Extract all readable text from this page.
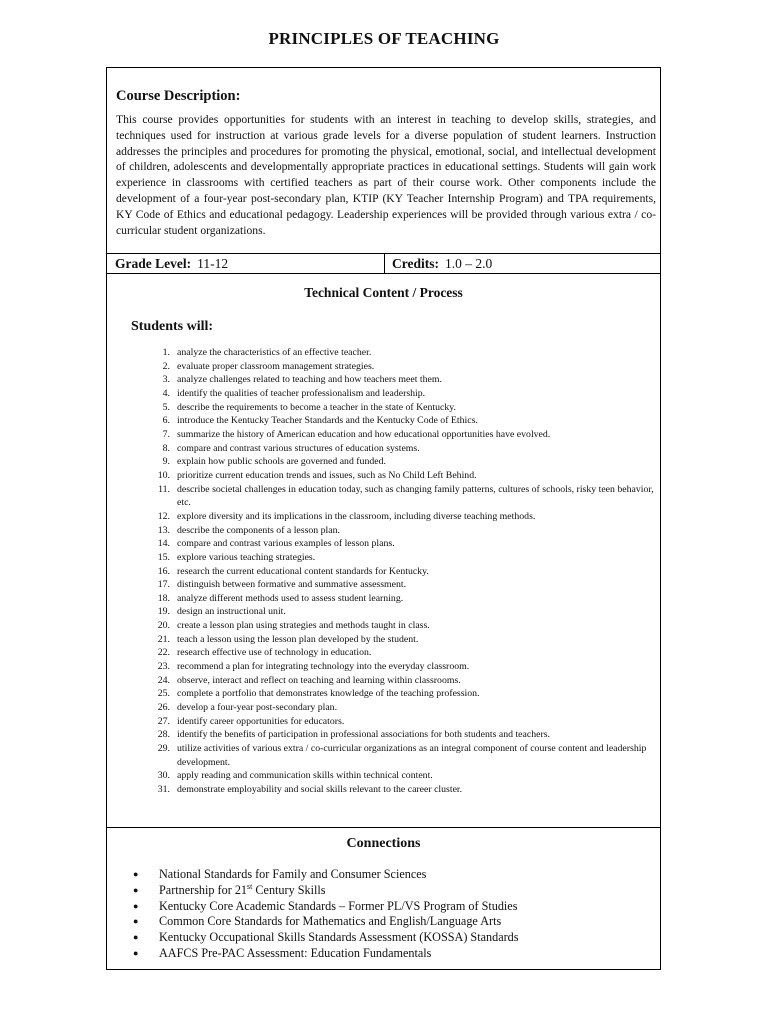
PRINCIPLES OF TEACHING
Course Description:
This course provides opportunities for students with an interest in teaching to develop skills, strategies, and techniques used for instruction at various grade levels for a diverse population of student learners. Instruction addresses the principles and procedures for promoting the physical, emotional, social, and intellectual development of children, adolescents and developmentally appropriate practices in educational settings. Students will gain work experience in classrooms with certified teachers as part of their course work. Other components include the development of a four-year post-secondary plan, KTIP (KY Teacher Internship Program) and TPA requirements, KY Code of Ethics and educational pedagogy. Leadership experiences will be provided through various extra / co-curricular student organizations.
Grade Level: 11-12	Credits: 1.0 – 2.0
Technical Content / Process
Students will:
1. analyze the characteristics of an effective teacher.
2. evaluate proper classroom management strategies.
3. analyze challenges related to teaching and how teachers meet them.
4. identify the qualities of teacher professionalism and leadership.
5. describe the requirements to become a teacher in the state of Kentucky.
6. introduce the Kentucky Teacher Standards and the Kentucky Code of Ethics.
7. summarize the history of American education and how educational opportunities have evolved.
8. compare and contrast various structures of education systems.
9. explain how public schools are governed and funded.
10. prioritize current education trends and issues, such as No Child Left Behind.
11. describe societal challenges in education today, such as changing family patterns, cultures of schools, risky teen behavior, etc.
12. explore diversity and its implications in the classroom, including diverse teaching methods.
13. describe the components of a lesson plan.
14. compare and contrast various examples of lesson plans.
15. explore various teaching strategies.
16. research the current educational content standards for Kentucky.
17. distinguish between formative and summative assessment.
18. analyze different methods used to assess student learning.
19. design an instructional unit.
20. create a lesson plan using strategies and methods taught in class.
21. teach a lesson using the lesson plan developed by the student.
22. research effective use of technology in education.
23. recommend a plan for integrating technology into the everyday classroom.
24. observe, interact and reflect on teaching and learning within classrooms.
25. complete a portfolio that demonstrates knowledge of the teaching profession.
26. develop a four-year post-secondary plan.
27. identify career opportunities for educators.
28. identify the benefits of participation in professional associations for both students and teachers.
29. utilize activities of various extra / co-curricular organizations as an integral component of course content and leadership development.
30. apply reading and communication skills within technical content.
31. demonstrate employability and social skills relevant to the career cluster.
Connections
●	National Standards for Family and Consumer Sciences
●	Partnership for 21st Century Skills
●	Kentucky Core Academic Standards – Former PL/VS Program of Studies
●	Common Core Standards for Mathematics and English/Language Arts
●	Kentucky Occupational Skills Standards Assessment (KOSSA) Standards
●	AAFCS Pre-PAC Assessment: Education Fundamentals
